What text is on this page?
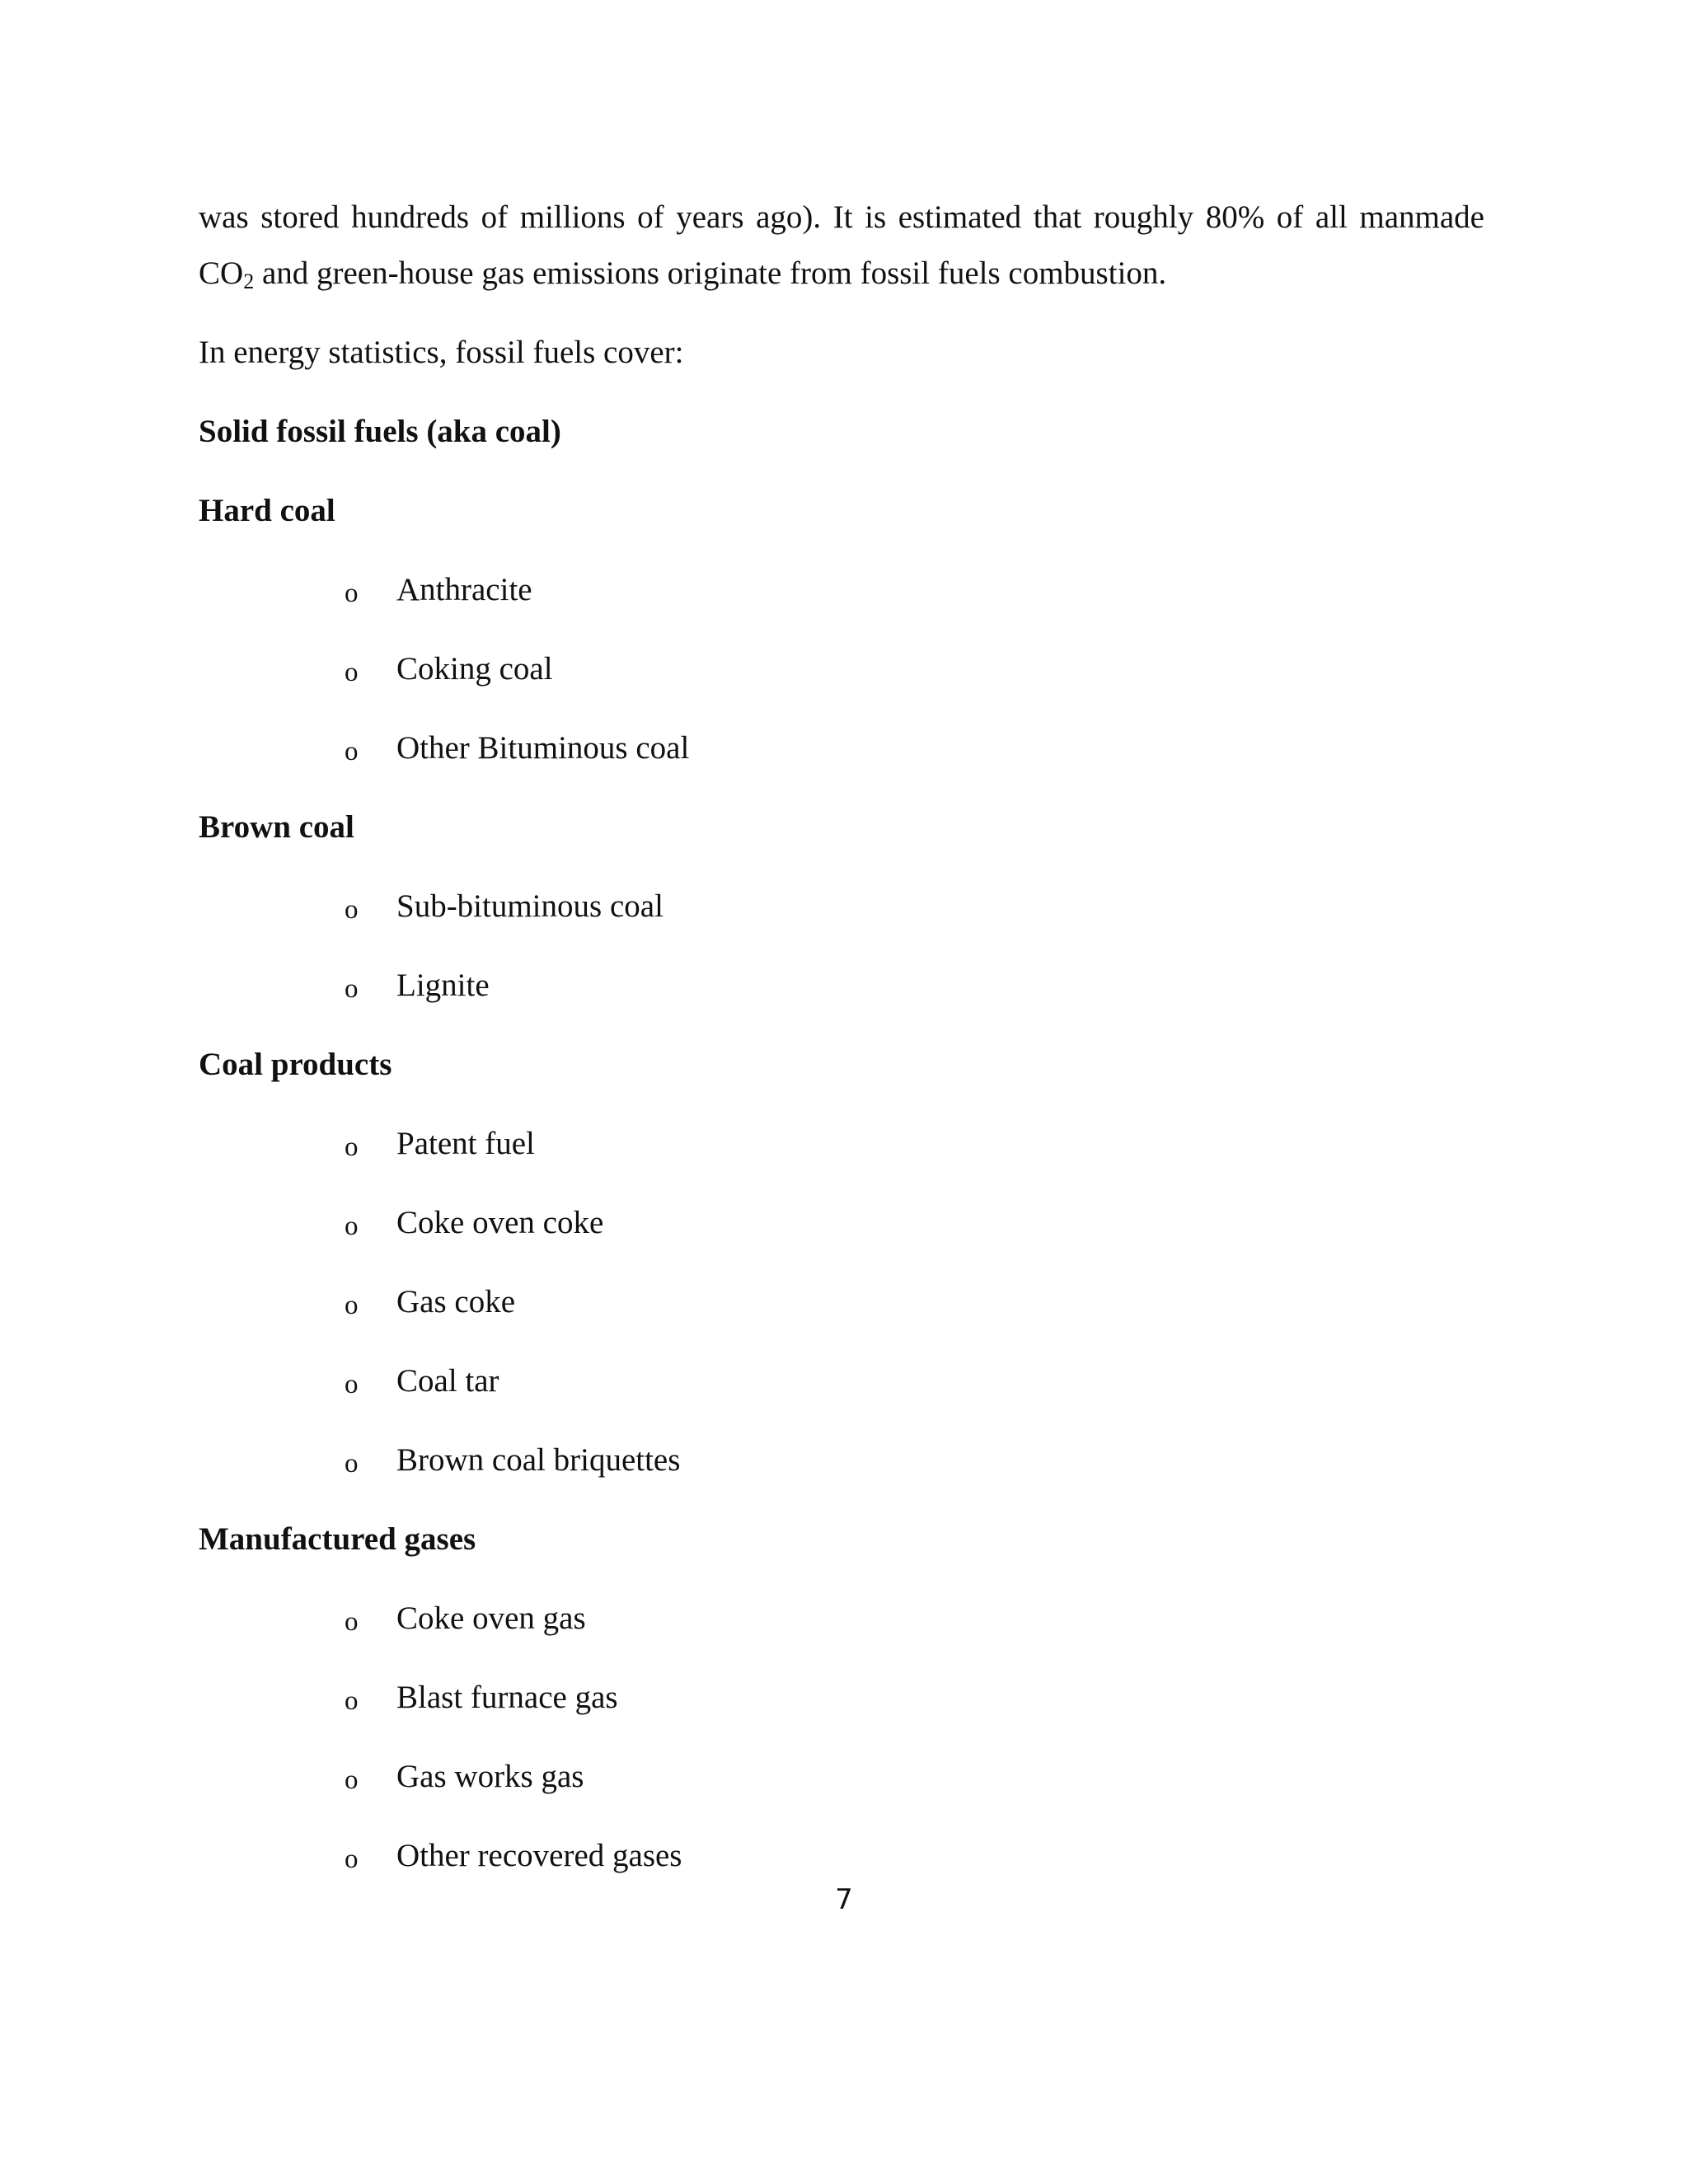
was stored hundreds of millions of years ago). It is estimated that roughly 80% of all manmade

$CO_2$ and green-house gas emissions originate from fossil fuels combustion.

In energy statistics, fossil fuels cover:

Solid fossil fuels (aka coal)

Hard coal

o Anthracite
o Coking coal
o Other Bituminous coal

Brown coal

o Sub-bituminous coal
o Lignite

Coal products

o Patent fuel
o Coke oven coke
o Gas coke
o Coal tar
o Brown coal briquettes

Manufactured gases

o Coke oven gas
o Blast furnace gas
o Gas works gas
o Other recovered gases
7
